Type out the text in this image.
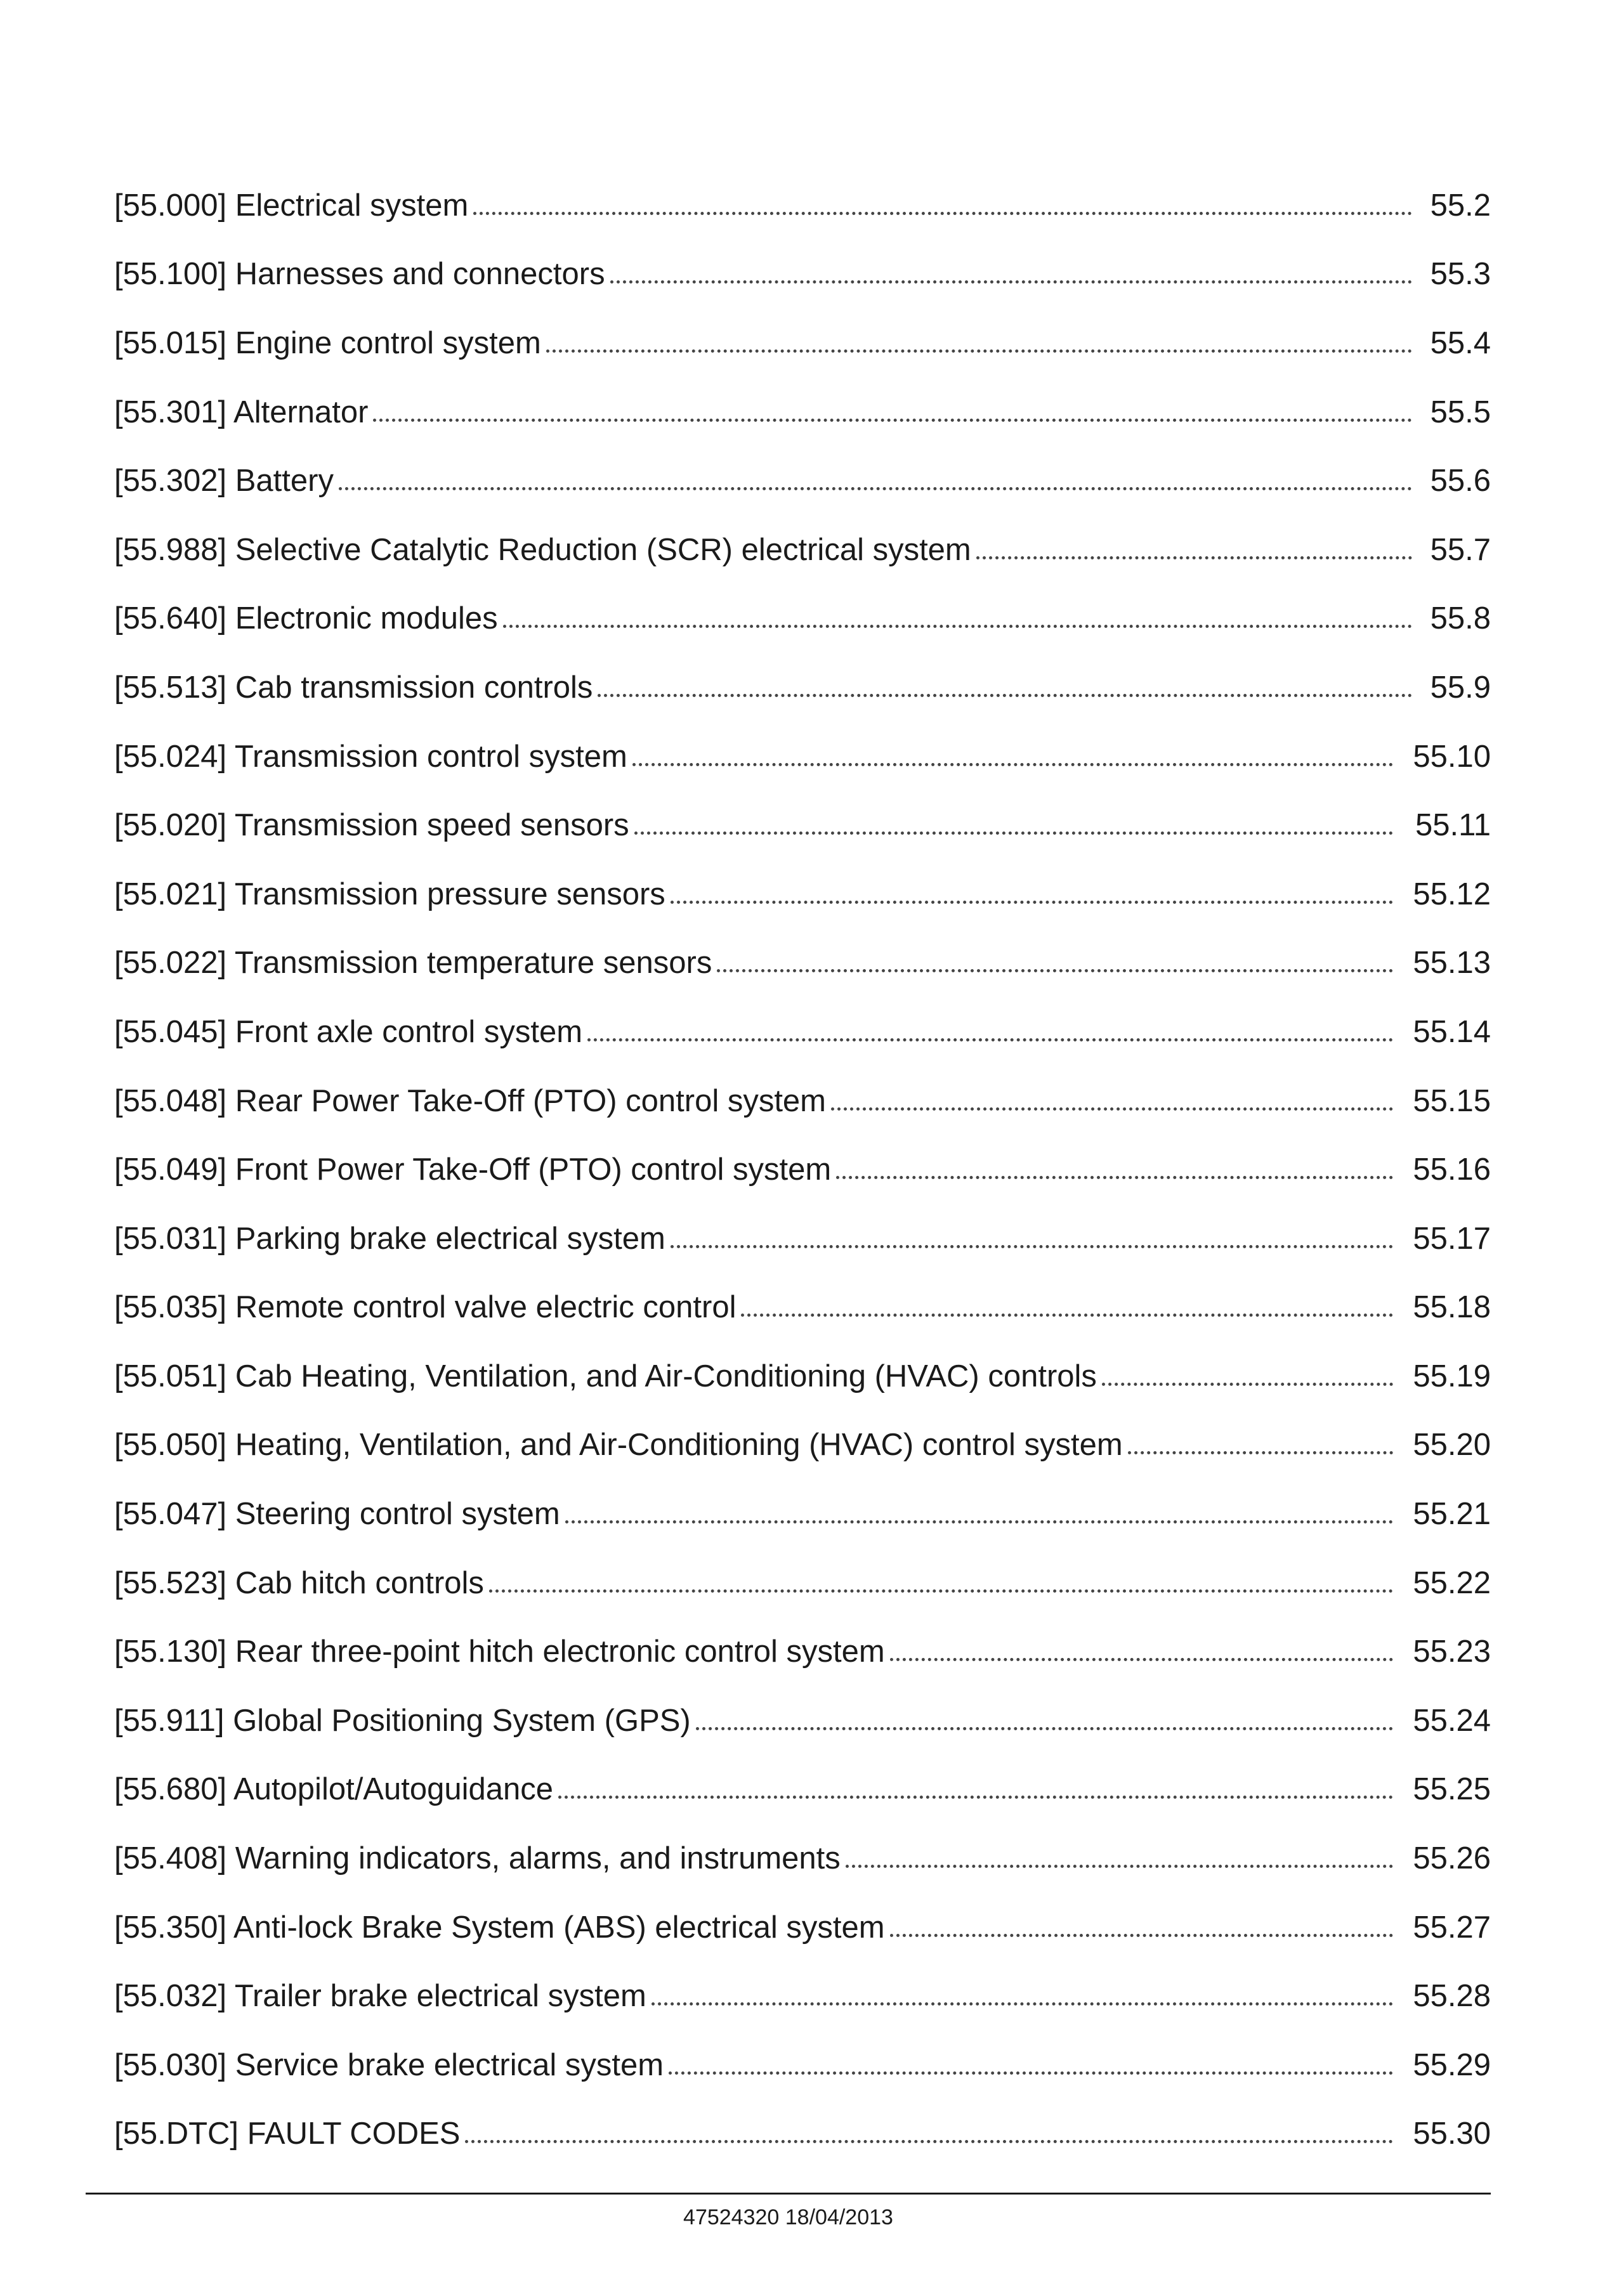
[55.000] Electrical system	55.2
[55.100] Harnesses and connectors	55.3
[55.015] Engine control system	55.4
[55.301] Alternator	55.5
[55.302] Battery	55.6
[55.988] Selective Catalytic Reduction (SCR) electrical system	55.7
[55.640] Electronic modules	55.8
[55.513] Cab transmission controls	55.9
[55.024] Transmission control system	55.10
[55.020] Transmission speed sensors	55.11
[55.021] Transmission pressure sensors	55.12
[55.022] Transmission temperature sensors	55.13
[55.045] Front axle control system	55.14
[55.048] Rear Power Take-Off (PTO) control system	55.15
[55.049] Front Power Take-Off (PTO) control system	55.16
[55.031] Parking brake electrical system	55.17
[55.035] Remote control valve electric control	55.18
[55.051] Cab Heating, Ventilation, and Air-Conditioning (HVAC) controls	55.19
[55.050] Heating, Ventilation, and Air-Conditioning (HVAC) control system	55.20
[55.047] Steering control system	55.21
[55.523] Cab hitch controls	55.22
[55.130] Rear three-point hitch electronic control system	55.23
[55.911] Global Positioning System (GPS)	55.24
[55.680] Autopilot/Autoguidance	55.25
[55.408] Warning indicators, alarms, and instruments	55.26
[55.350] Anti-lock Brake System (ABS) electrical system	55.27
[55.032] Trailer brake electrical system	55.28
[55.030] Service brake electrical system	55.29
[55.DTC] FAULT CODES	55.30
47524320 18/04/2013
